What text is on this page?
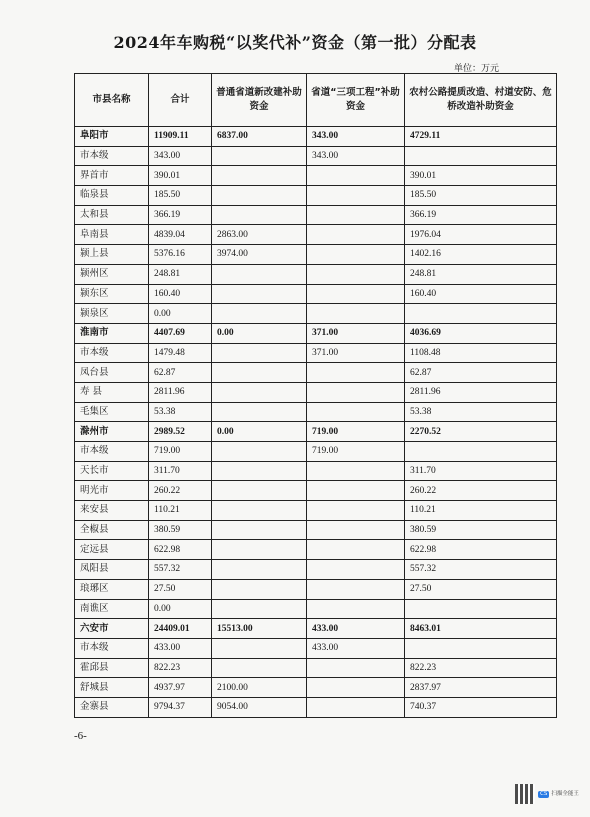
2024年车购税“以奖代补”资金（第一批）分配表
单位：万元
市县名称	合计	普通省道新改建补助资金	省道“三项工程”补助资金	农村公路提质改造、村道安防、危桥改造补助资金
阜阳市	11909.11	6837.00	343.00	4729.11
市本级	343.00		343.00	
界首市	390.01			390.01
临泉县	185.50			185.50
太和县	366.19			366.19
阜南县	4839.04	2863.00		1976.04
颍上县	5376.16	3974.00		1402.16
颍州区	248.81			248.81
颍东区	160.40			160.40
颍泉区	0.00			
淮南市	4407.69	0.00	371.00	4036.69
市本级	1479.48		371.00	1108.48
凤台县	62.87			62.87
寿 县	2811.96			2811.96
毛集区	53.38			53.38
滁州市	2989.52	0.00	719.00	2270.52
市本级	719.00		719.00	
天长市	311.70			311.70
明光市	260.22			260.22
来安县	110.21			110.21
全椒县	380.59			380.59
定远县	622.98			622.98
凤阳县	557.32			557.32
琅琊区	27.50			27.50
南谯区	0.00			
六安市	24409.01	15513.00	433.00	8463.01
市本级	433.00		433.00	
霍邱县	822.23			822.23
舒城县	4937.97	2100.00		2837.97
金寨县	9794.37	9054.00		740.37
-6-
CS 扫描全能王
